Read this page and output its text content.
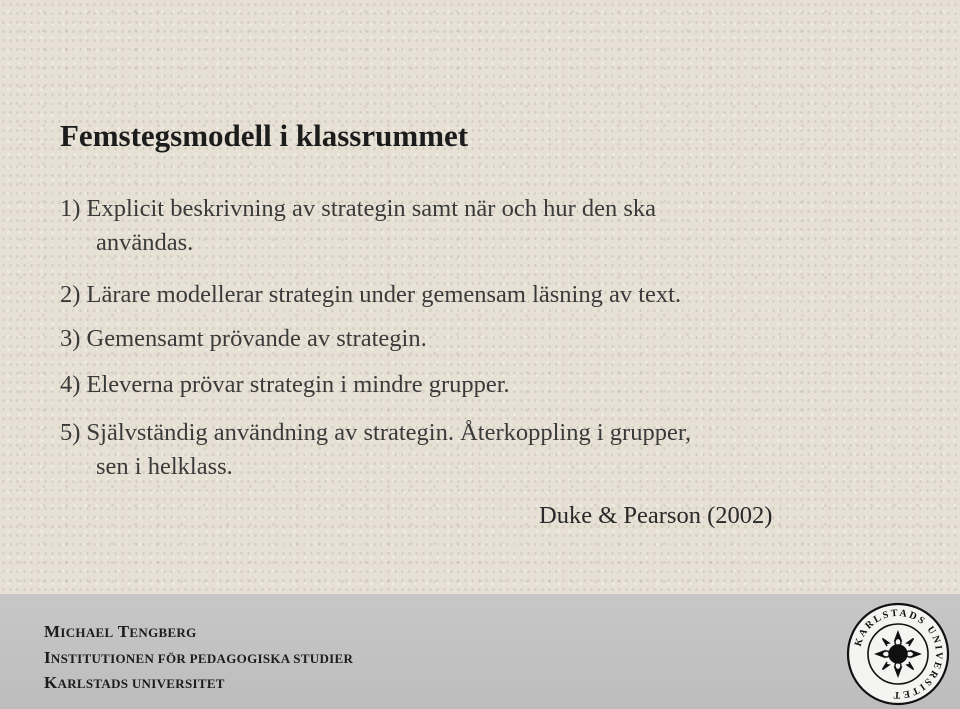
Femstegsmodell i klassrummet
1) Explicit beskrivning av strategin samt när och hur den ska
användas.
2) Lärare modellerar strategin under gemensam läsning av text.
3) Gemensamt prövande av strategin.
4) Eleverna prövar strategin i mindre grupper.
5) Självständig användning av strategin. Återkoppling i grupper,
sen i helklass.
Duke & Pearson (2002)
MICHAEL TENGBERG
INSTITUTIONEN FÖR PEDAGOGISKA STUDIER
KARLSTADS UNIVERSITET
KARLSTADS UNIVERSITET
